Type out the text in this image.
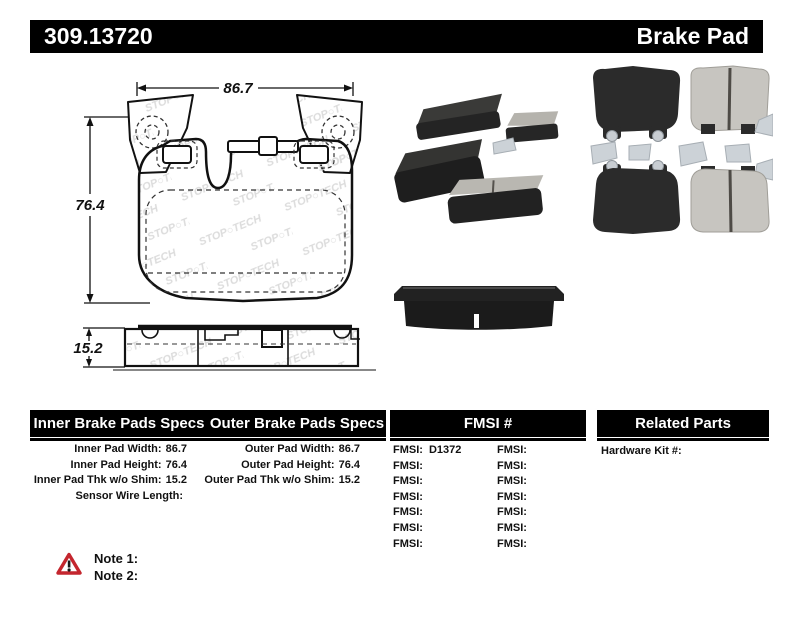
309.13720	Brake Pad
86.7
76.4
15.2
Inner Brake Pads Specs Outer Brake Pads Specs	FMSI #	Related Parts
Inner Pad Width: 86.7
Inner Pad Height: 76.4
Inner Pad Thk w/o Shim: 15.2
Sensor Wire Length:
Outer Pad Width: 86.7
Outer Pad Height: 76.4
Outer Pad Thk w/o Shim: 15.2
FMSI: D1372
FMSI:
FMSI:
FMSI:
FMSI:
FMSI:
FMSI:
FMSI:
FMSI:
FMSI:
FMSI:
FMSI:
FMSI:
FMSI:
Hardware Kit #:
Note 1:
Note 2:
